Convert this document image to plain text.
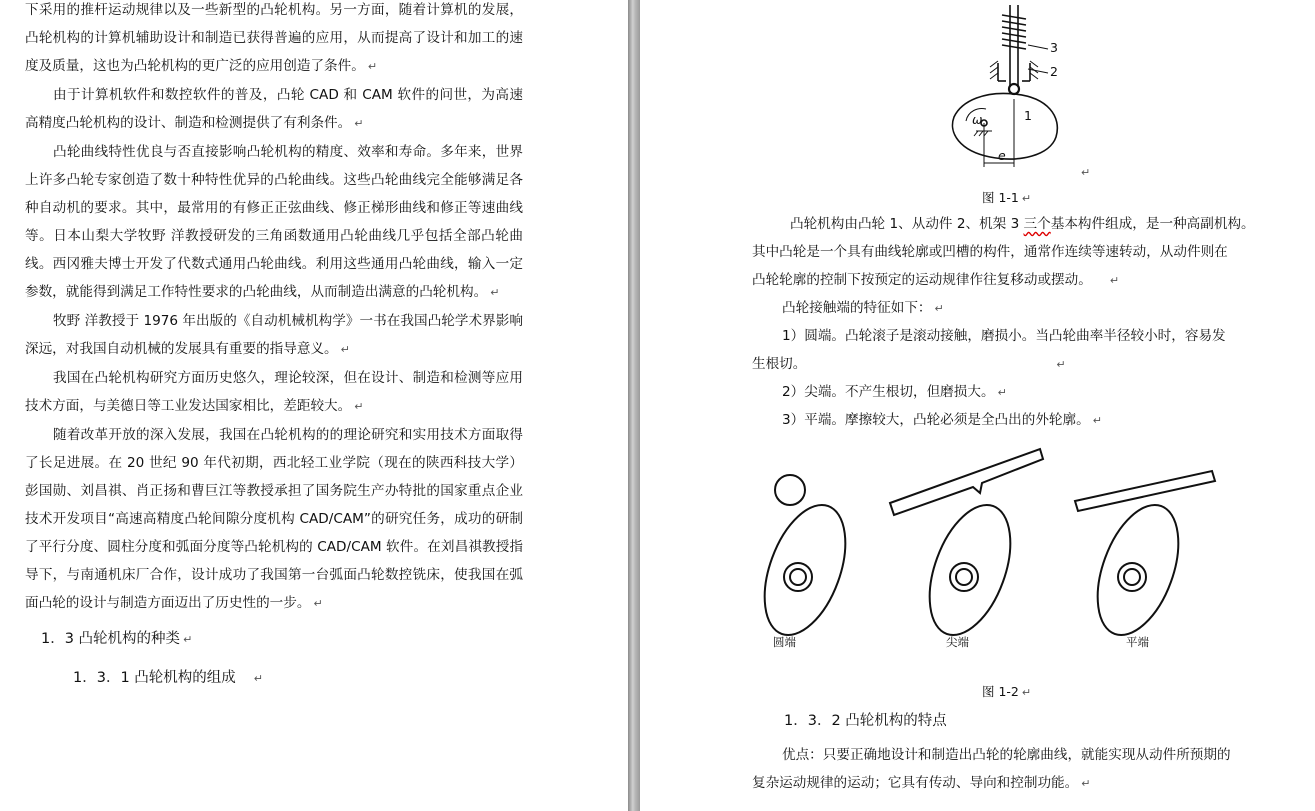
下采用的推杆运动规律以及一些新型的凸轮机构。另一方面，随着计算机的发展，凸轮机构的计算机辅助设计和制造已获得普遍的应用，从而提高了设计和加工的速度及质量，这也为凸轮机构的更广泛的应用创造了条件。 ↵

由于计算机软件和数控软件的普及，凸轮 CAD 和 CAM 软件的问世，为高速高精度凸轮机构的设计、制造和检测提供了有利条件。 ↵

凸轮曲线特性优良与否直接影响凸轮机构的精度、效率和寿命。多年来，世界上许多凸轮专家创造了数十种特性优异的凸轮曲线。这些凸轮曲线完全能够满足各种自动机的要求。其中，最常用的有修正正弦曲线、修正梯形曲线和修正等速曲线等。日本山梨大学牧野 洋教授研发的三角函数通用凸轮曲线几乎包括全部凸轮曲线。西冈雅夫博士开发了代数式通用凸轮曲线。利用这些通用凸轮曲线，输入一定参数，就能得到满足工作特性要求的凸轮曲线，从而制造出满意的凸轮机构。 ↵

牧野 洋教授于 1976 年出版的《自动机械机构学》一书在我国凸轮学术界影响深远，对我国自动机械的发展具有重要的指导意义。 ↵

我国在凸轮机构研究方面历史悠久，理论较深，但在设计、制造和检测等应用技术方面，与美德日等工业发达国家相比，差距较大。 ↵

随着改革开放的深入发展，我国在凸轮机构的的理论研究和实用技术方面取得了长足进展。在 20 世纪 90 年代初期，西北轻工业学院（现在的陕西科技大学）彭国勋、刘昌祺、肖正扬和曹巨江等教授承担了国务院生产办特批的国家重点企业技术开发项目“高速高精度凸轮间隙分度机构 CAD/CAM”的研究任务，成功的研制了平行分度、圆柱分度和弧面分度等凸轮机构的 CAD/CAM 软件。在刘昌祺教授指导下，与南通机床厂合作，设计成功了我国第一台弧面凸轮数控铣床，使我国在弧面凸轮的设计与制造方面迈出了历史性的一步。 ↵

1．3 凸轮机构的种类 ↵
1．3．1 凸轮机构的组成 ↵
3
2
1
ω
e
↵
图 1-1 ↵

凸轮机构由凸轮 1、从动件 2、机架 3 三个基本构件组成，是一种高副机构。

其中凸轮是一个具有曲线轮廓或凹槽的构件，通常作连续等速转动，从动件则在

凸轮轮廓的控制下按预定的运动规律作往复移动或摆动。 ↵

凸轮接触端的特征如下： ↵

1）圆端。凸轮滚子是滚动接触，磨损小。当凸轮曲率半径较小时，容易发

生根切。	↵

2）尖端。不产生根切，但磨损大。 ↵

3）平端。摩擦较大，凸轮必须是全凸出的外轮廓。 ↵

圆端	尖端	平端
图 1-2 ↵
1．3．2 凸轮机构的特点

优点：只要正确地设计和制造出凸轮的轮廓曲线，就能实现从动件所预期的

复杂运动规律的运动；它具有传动、导向和控制功能。 ↵
